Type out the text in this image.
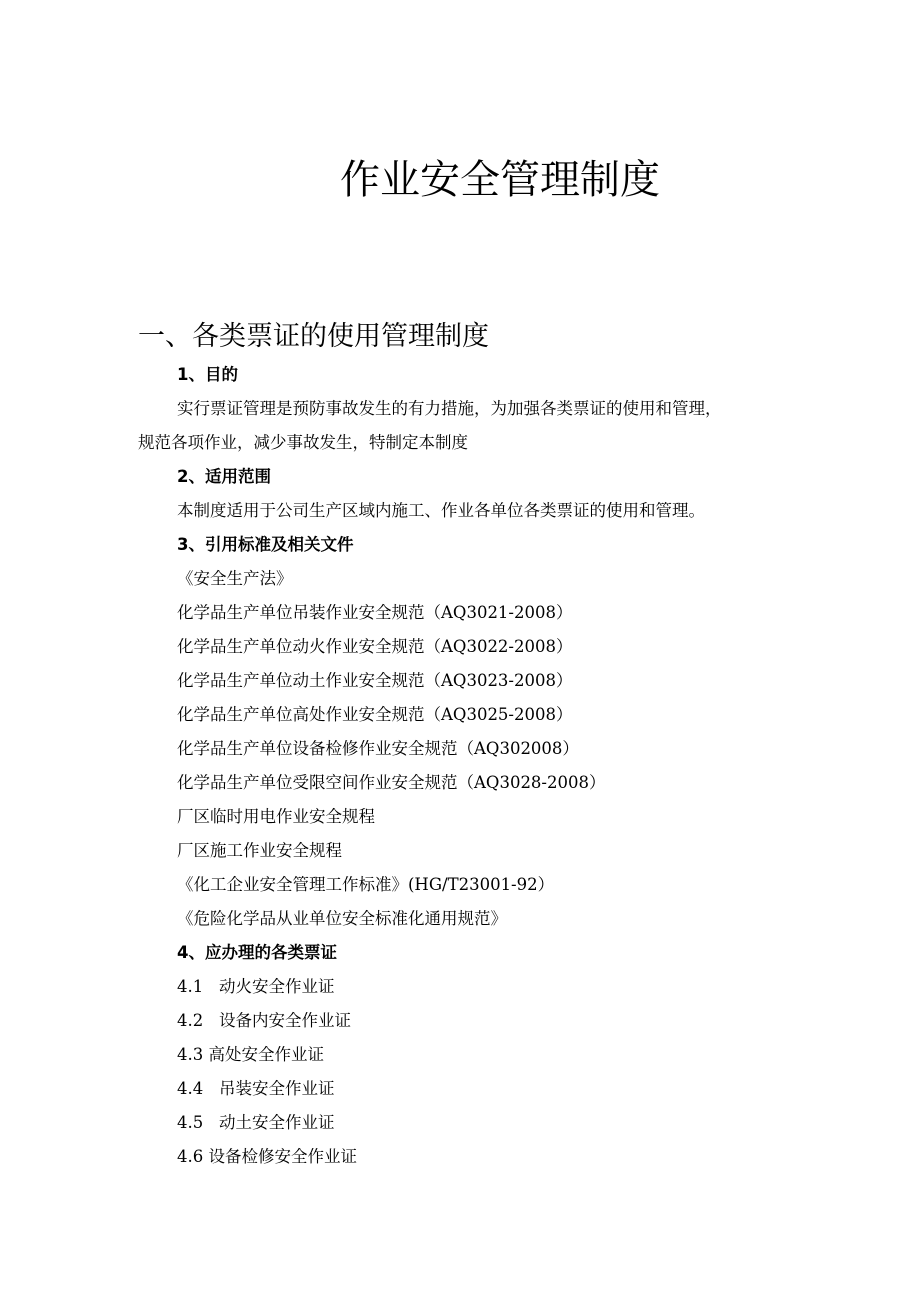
作业安全管理制度
一、各类票证的使用管理制度

1、目的

实行票证管理是预防事故发生的有力措施，为加强各类票证的使用和管理，

规范各项作业，减少事故发生，特制定本制度

2、适用范围

本制度适用于公司生产区域内施工、作业各单位各类票证的使用和管理。

3、引用标准及相关文件

《安全生产法》

化学品生产单位吊装作业安全规范（AQ3021-2008）

化学品生产单位动火作业安全规范（AQ3022-2008）

化学品生产单位动土作业安全规范（AQ3023-2008）

化学品生产单位高处作业安全规范（AQ3025-2008）

化学品生产单位设备检修作业安全规范（AQ302008）

化学品生产单位受限空间作业安全规范（AQ3028-2008）

厂区临时用电作业安全规程

厂区施工作业安全规程

《化工企业安全管理工作标准》(HG/T23001-92）

《危险化学品从业单位安全标准化通用规范》

4、应办理的各类票证

4.1   动火安全作业证

4.2   设备内安全作业证

4.3 高处安全作业证

4.4   吊装安全作业证

4.5   动土安全作业证

4.6 设备检修安全作业证
